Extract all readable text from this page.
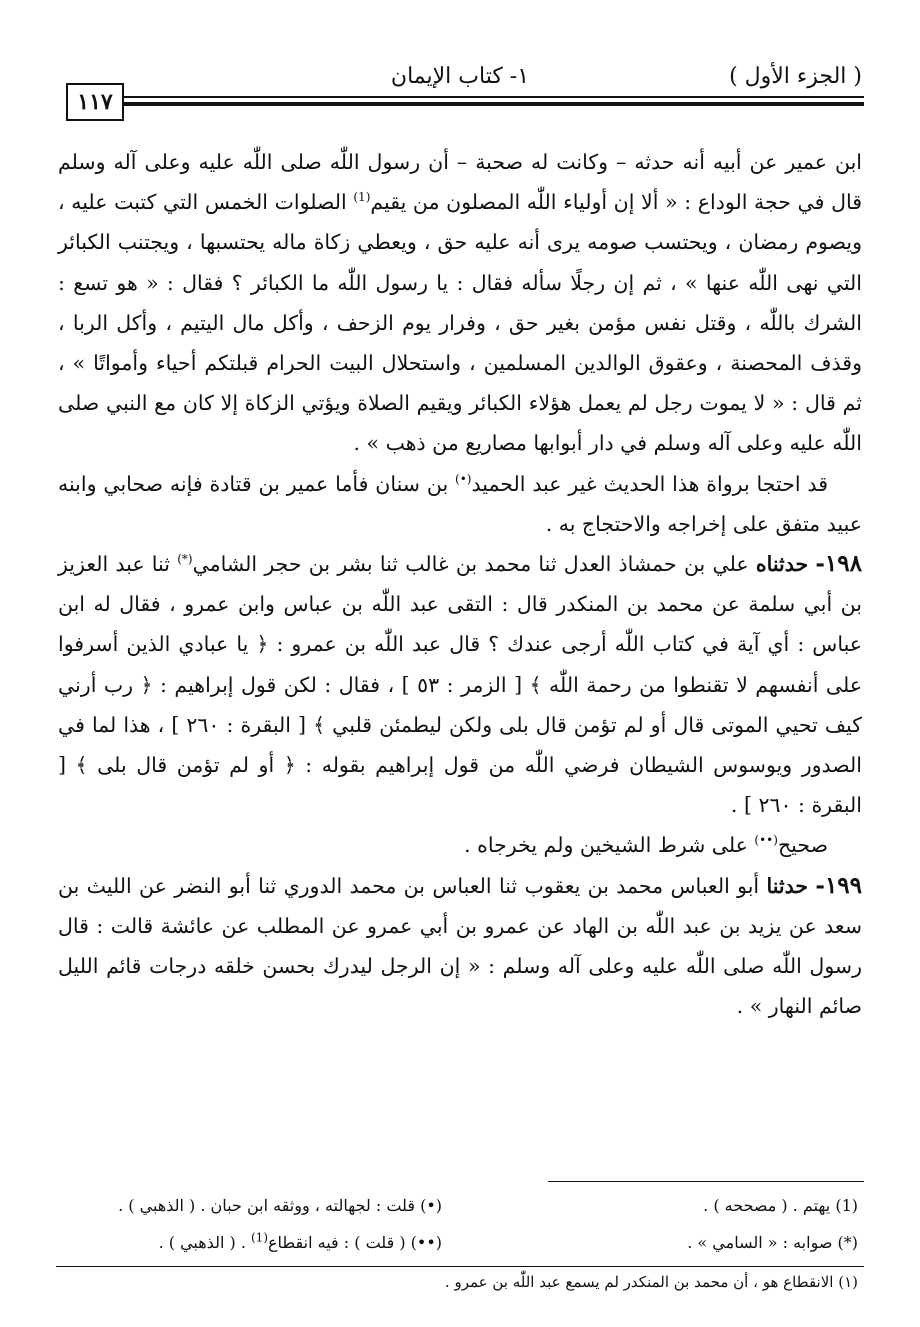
( الجزء الأول )
١- كتاب الإيمان
١١٧

ابن عمير عن أبيه أنه حدثه – وكانت له صحبة – أن رسول اللّٰه صلى اللّٰه عليه وعلى آله وسلم قال في حجة الوداع : « ألا إن أولياء اللّٰه المصلون من يقيم$^{(1)}$ الصلوات الخمس التي كتبت عليه ، ويصوم رمضان ، ويحتسب صومه يرى أنه عليه حق ، ويعطي زكاة ماله يحتسبها ، ويجتنب الكبائر التي نهى اللّٰه عنها » ، ثم إن رجلًا سأله فقال : يا رسول اللّٰه ما الكبائر ؟ فقال : « هو تسع : الشرك باللّٰه ، وقتل نفس مؤمن بغير حق ، وفرار يوم الزحف ، وأكل مال اليتيم ، وأكل الربا ، وقذف المحصنة ، وعقوق الوالدين المسلمين ، واستحلال البيت الحرام قبلتكم أحياء وأمواتًا » ، ثم قال : « لا يموت رجل لم يعمل هؤلاء الكبائر ويقيم الصلاة ويؤتي الزكاة إلا كان مع النبي صلى اللّٰه عليه وعلى آله وسلم في دار أبوابها مصاريع من ذهب » .

قد احتجا برواة هذا الحديث غير عبد الحميد(•) بن سنان فأما عمير بن قتادة فإنه صحابي وابنه عبيد متفق على إخراجه والاحتجاج به .

١٩٨- حدثناه علي بن حمشاذ العدل ثنا محمد بن غالب ثنا بشر بن حجر الشامي(*) ثنا عبد العزيز بن أبي سلمة عن محمد بن المنكدر قال : التقى عبد اللّٰه بن عباس وابن عمرو ، فقال له ابن عباس : أي آية في كتاب اللّٰه أرجى عندك ؟ قال عبد اللّٰه بن عمرو : ﴿ يا عبادي الذين أسرفوا على أنفسهم لا تقنطوا من رحمة اللّٰه ﴾ [ الزمر : ٥٣ ] ، فقال : لكن قول إبراهيم : ﴿ رب أرني كيف تحيي الموتى قال أو لم تؤمن قال بلى ولكن ليطمئن قلبي ﴾ [ البقرة : ٢٦٠ ] ، هذا لما في الصدور ويوسوس الشيطان فرضي اللّٰه من قول إبراهيم بقوله : ﴿ أو لم تؤمن قال بلى ﴾ [ البقرة : ٢٦٠ ] .

صحيح(••) على شرط الشيخين ولم يخرجاه .

١٩٩- حدثنا أبو العباس محمد بن يعقوب ثنا العباس بن محمد الدوري ثنا أبو النضر عن الليث بن سعد عن يزيد بن عبد اللّٰه بن الهاد عن عمرو بن أبي عمرو عن المطلب عن عائشة قالت : قال رسول اللّٰه صلى اللّٰه عليه وعلى آله وسلم : « إن الرجل ليدرك بحسن خلقه درجات قائم الليل صائم النهار » .

(1) يهتم . ( مصححه ) .
(*) صوابه : « السامي » .
(•) قلت : لجهالته ، ووثقه ابن حبان . ( الذهبي ) .
(••) ( قلت ) : فيه انقطاع$^{(1)}$ . ( الذهبي ) .
(١) الانقطاع هو ، أن محمد بن المنكدر لم يسمع عبد اللّٰه بن عمرو .
